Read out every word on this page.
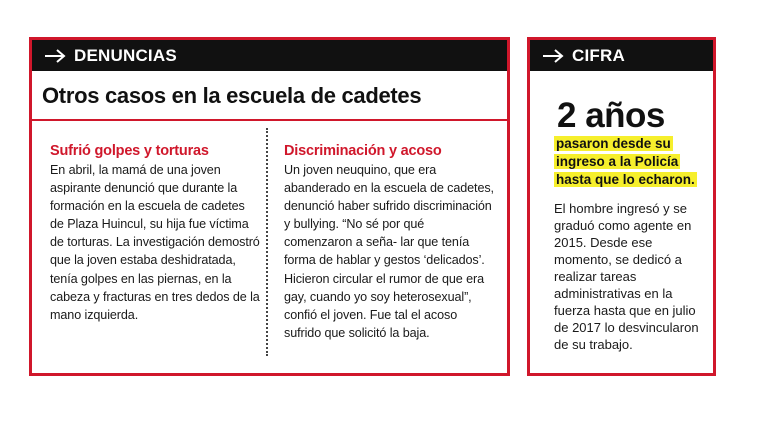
DENUNCIAS
Otros casos en la escuela de cadetes

Sufrió golpes y torturas

En abril, la mamá de una joven aspirante denunció que durante la formación en la escuela de cadetes de Plaza Huincul, su hija fue víctima de torturas. La investigación demostró que la joven estaba deshidratada, tenía golpes en las piernas, en la cabeza y fracturas en tres dedos de la mano izquierda.

Discriminación y acoso

Un joven neuquino, que era abanderado en la escuela de cadetes, denunció haber sufrido discriminación y bullying. “No sé por qué comenzaron a seña- lar que tenía forma de hablar y gestos ‘delicados’. Hicieron circular el rumor de que era gay, cuando yo soy heterosexual”, confió el joven. Fue tal el acoso sufrido que solicitó la baja.

CIFRA
2 años
pasaron desde su ingreso a la Policía hasta que lo echaron.
El hombre ingresó y se graduó como agente en 2015. Desde ese momento, se dedicó a realizar tareas administrativas en la fuerza hasta que en julio de 2017 lo desvincularon de su trabajo.
